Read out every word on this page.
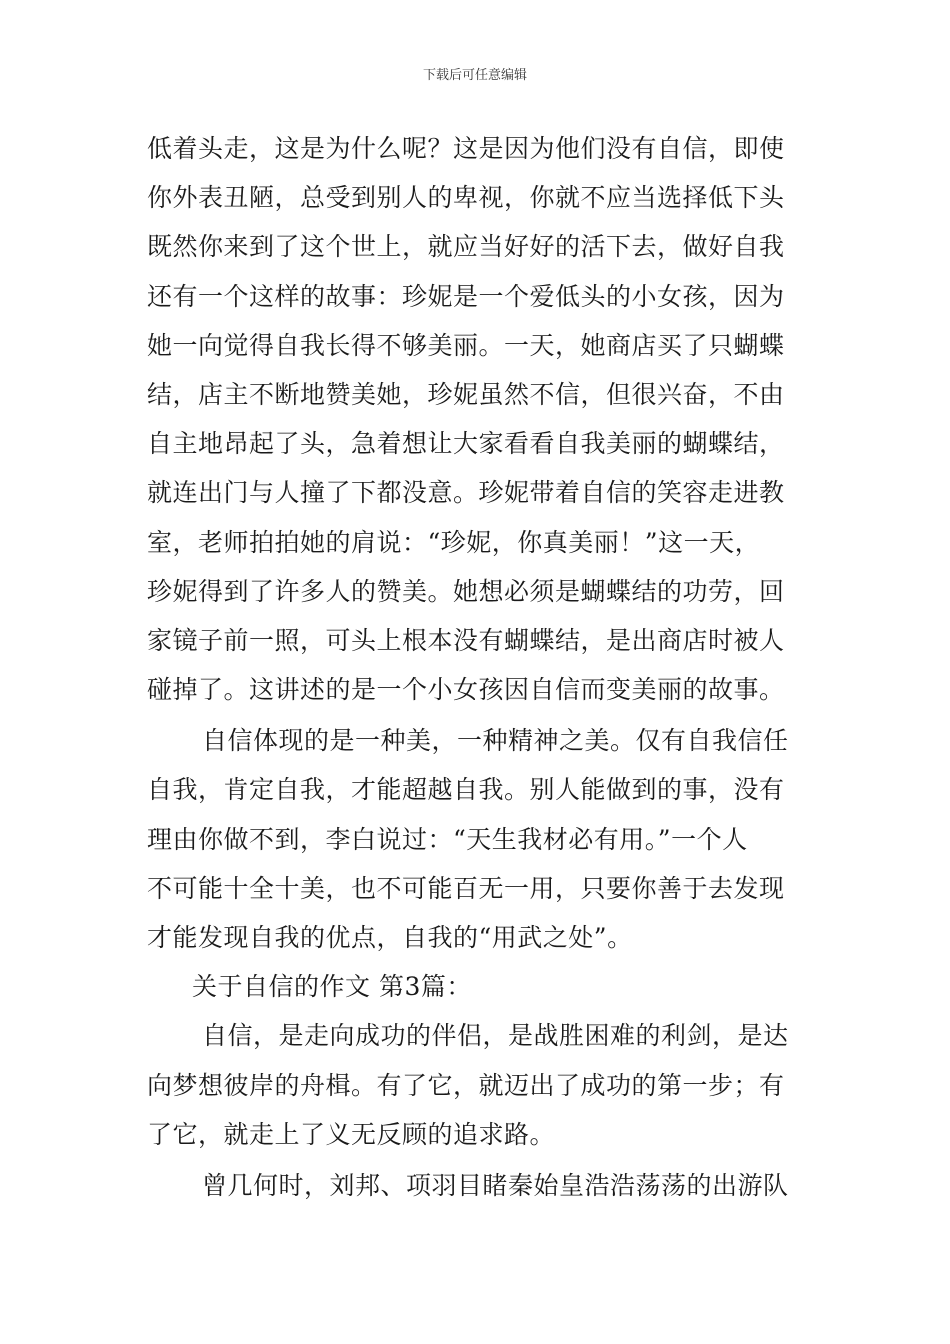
下载后可任意编辑
低着头走，这是为什么呢？这是因为他们没有自信，即使
你外表丑陋，总受到别人的卑视，你就不应当选择低下头
既然你来到了这个世上，就应当好好的活下去，做好自我
还有一个这样的故事：珍妮是一个爱低头的小女孩，因为
她一向觉得自我长得不够美丽。一天，她商店买了只蝴蝶
结，店主不断地赞美她，珍妮虽然不信，但很兴奋，不由
自主地昂起了头，急着想让大家看看自我美丽的蝴蝶结，
就连出门与人撞了下都没意。珍妮带着自信的笑容走进教
室，老师拍拍她的肩说：“珍妮，你真美丽！”这一天，
珍妮得到了许多人的赞美。她想必须是蝴蝶结的功劳，回
家镜子前一照，可头上根本没有蝴蝶结，是出商店时被人
碰掉了。这讲述的是一个小女孩因自信而变美丽的故事。
自信体现的是一种美，一种精神之美。仅有自我信任
自我，肯定自我，才能超越自我。别人能做到的事，没有
理由你做不到，李白说过：“天生我材必有用。”一个人
不可能十全十美，也不可能百无一用，只要你善于去发现
才能发现自我的优点，自我的“用武之处”。
关于自信的作文 第3篇：
自信，是走向成功的伴侣，是战胜困难的利剑，是达
向梦想彼岸的舟楫。有了它，就迈出了成功的第一步；有
了它，就走上了义无反顾的追求路。
曾几何时，刘邦、项羽目睹秦始皇浩浩荡荡的出游队
